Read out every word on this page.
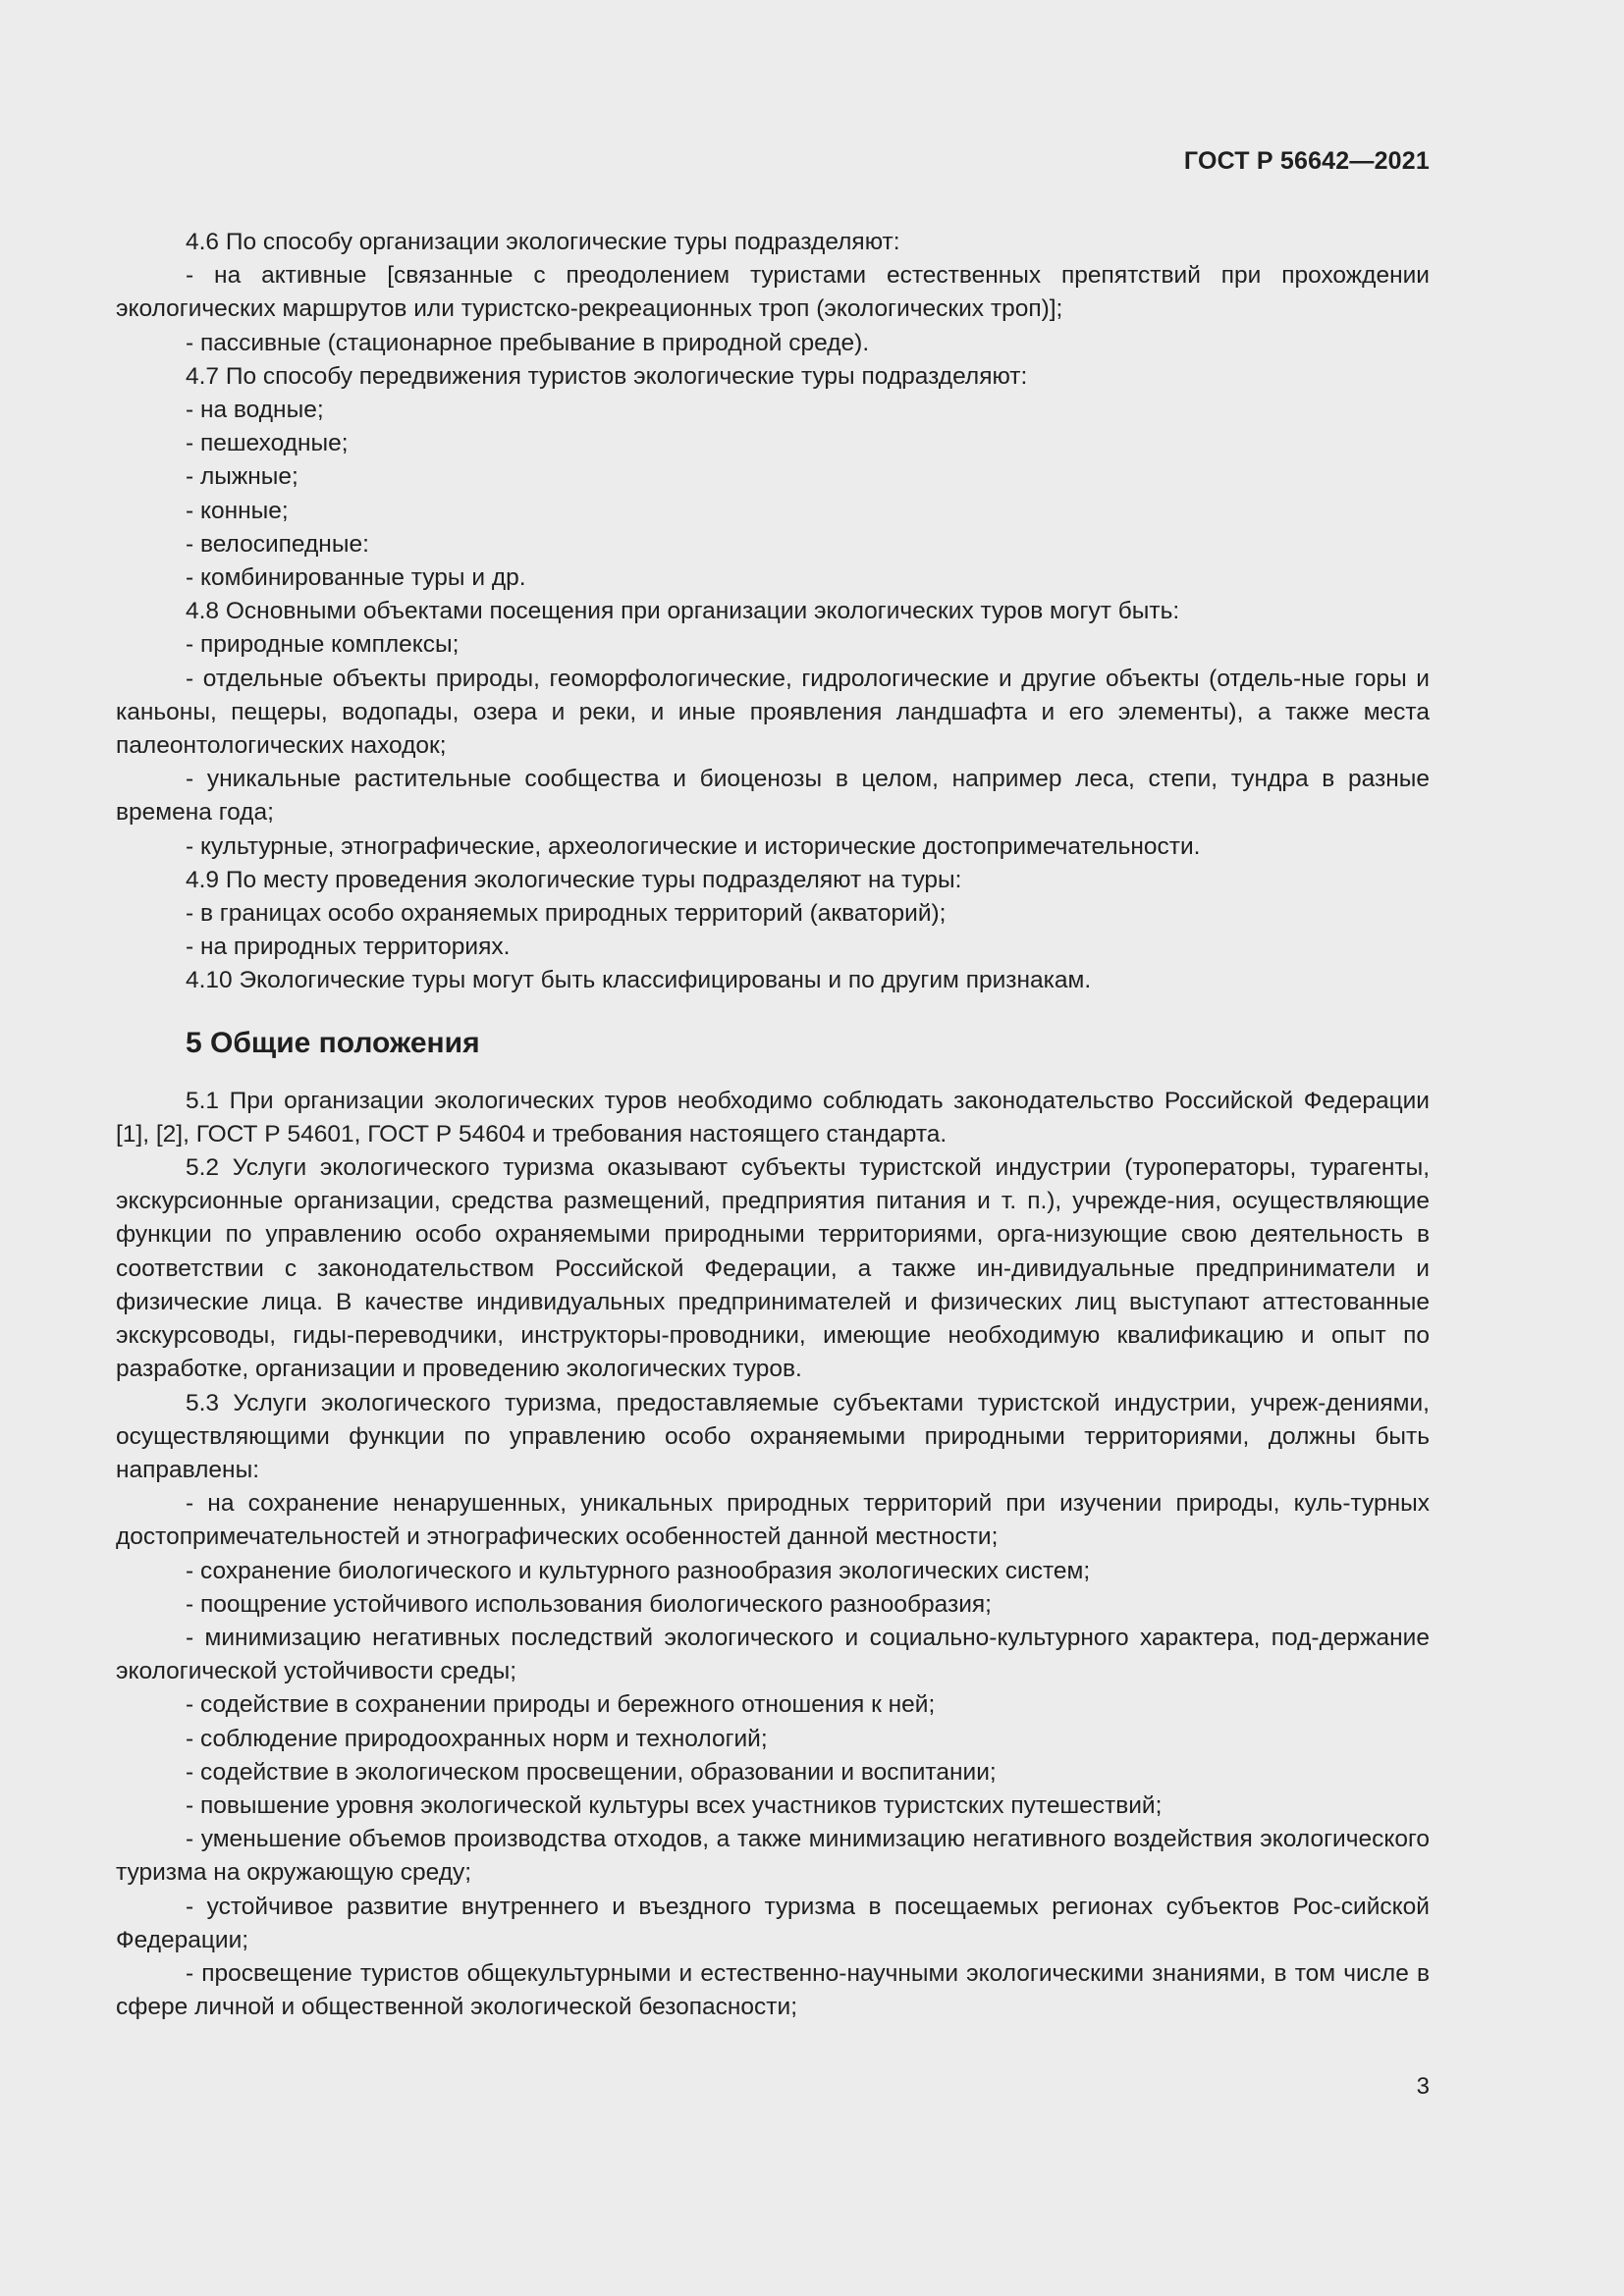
ГОСТ Р 56642—2021

4.6 По способу организации экологические туры подразделяют:

- на активные [связанные с преодолением туристами естественных препятствий при прохождении экологических маршрутов или туристско-рекреационных троп (экологических троп)];

- пассивные (стационарное пребывание в природной среде).

4.7 По способу передвижения туристов экологические туры подразделяют:

- на водные;

- пешеходные;

- лыжные;

- конные;

- велосипедные:

- комбинированные туры и др.

4.8 Основными объектами посещения при организации экологических туров могут быть:

- природные комплексы;

- отдельные объекты природы, геоморфологические, гидрологические и другие объекты (отдель-ные горы и каньоны, пещеры, водопады, озера и реки, и иные проявления ландшафта и его элементы), а также места палеонтологических находок;

- уникальные растительные сообщества и биоценозы в целом, например леса, степи, тундра в разные времена года;

- культурные, этнографические, археологические и исторические достопримечательности.

4.9 По месту проведения экологические туры подразделяют на туры:

- в границах особо охраняемых природных территорий (акваторий);

- на природных территориях.

4.10 Экологические туры могут быть классифицированы и по другим признакам.

5 Общие положения

5.1 При организации экологических туров необходимо соблюдать законодательство Российской Федерации [1], [2], ГОСТ Р 54601, ГОСТ Р 54604 и требования настоящего стандарта.

5.2 Услуги экологического туризма оказывают субъекты туристской индустрии (туроператоры, турагенты, экскурсионные организации, средства размещений, предприятия питания и т. п.), учрежде-ния, осуществляющие функции по управлению особо охраняемыми природными территориями, орга-низующие свою деятельность в соответствии с законодательством Российской Федерации, а также ин-дивидуальные предприниматели и физические лица. В качестве индивидуальных предпринимателей и физических лиц выступают аттестованные экскурсоводы, гиды-переводчики, инструкторы-проводники, имеющие необходимую квалификацию и опыт по разработке, организации и проведению экологических туров.

5.3 Услуги экологического туризма, предоставляемые субъектами туристской индустрии, учреж-дениями, осуществляющими функции по управлению особо охраняемыми природными территориями, должны быть направлены:

- на сохранение ненарушенных, уникальных природных территорий при изучении природы, куль-турных достопримечательностей и этнографических особенностей данной местности;

- сохранение биологического и культурного разнообразия экологических систем;

- поощрение устойчивого использования биологического разнообразия;

- минимизацию негативных последствий экологического и социально-культурного характера, под-держание экологической устойчивости среды;

- содействие в сохранении природы и бережного отношения к ней;

- соблюдение природоохранных норм и технологий;

- содействие в экологическом просвещении, образовании и воспитании;

- повышение уровня экологической культуры всех участников туристских путешествий;

- уменьшение объемов производства отходов, а также минимизацию негативного воздействия экологического туризма на окружающую среду;

- устойчивое развитие внутреннего и въездного туризма в посещаемых регионах субъектов Рос-сийской Федерации;

- просвещение туристов общекультурными и естественно-научными экологическими знаниями, в том числе в сфере личной и общественной экологической безопасности;

3
